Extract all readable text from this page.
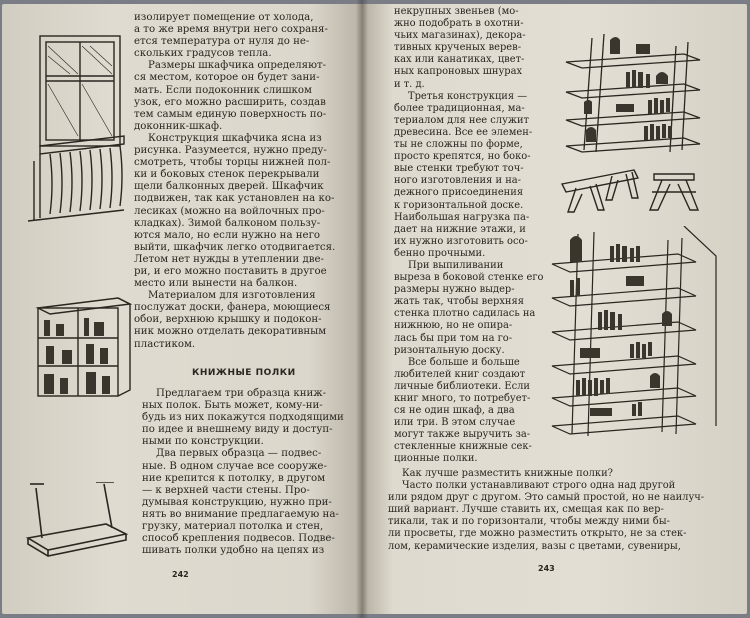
изолирует помещение от холода,
а то же время внутри него сохраня-
ется температура от нуля до не-
скольких градусов тепла.
Размеры шкафчика определяют-
ся местом, которое он будет зани-
мать. Если подоконник слишком
узок, его можно расширить, создав
тем самым единую поверхность по-
доконник-шкаф.
Конструкция шкафчика ясна из
рисунка. Разумеется, нужно преду-
смотреть, чтобы торцы нижней пол-
ки и боковых стенок перекрывали
щели балконных дверей. Шкафчик
подвижен, так как установлен на ко-
лесиках (можно на войлочных про-
кладках). Зимой балконом пользу-
ются мало, но если нужно на него
выйти, шкафчик легко отодвигается.
Летом нет нужды в утеплении две-
ри, и его можно поставить в другое
место или вынести на балкон.
Материалом для изготовления
послужат доски, фанера, моющиеся
обои, верхнюю крышку и подокон-
ник можно отделать декоративным
пластиком.
КНИЖНЫЕ ПОЛКИ
Предлагаем три образца книж-
ных полок. Быть может, кому-ни-
будь из них покажутся подходящими
по идее и внешнему виду и доступ-
ными по конструкции.
Два первых образца — подвес-
ные. В одном случае все сооруже-
ние крепится к потолку, в другом
— к верхней части стены. Про-
думывая конструкцию, нужно при-
нять во внимание предлагаемую на-
грузку, материал потолка и стен,
способ крепления подвесов. Подве-
шивать полки удобно на цепях из
242
некрупных звеньев (мо-
жно подобрать в охотни-
чьих магазинах), декора-
тивных крученых верев-
ках или канатиках, цвет-
ных капроновых шнурах
и т. д.
Третья конструкция —
более традиционная, ма-
териалом для нее служит
древесина. Все ее элемен-
ты не сложны по форме,
просто крепятся, но боко-
вые стенки требуют точ-
ного изготовления и на-
дежного присоединения
к горизонтальной доске.
Наибольшая нагрузка па-
дает на нижние этажи, и
их нужно изготовить осо-
бенно прочными.
При выпиливании
выреза в боковой стенке его
размеры нужно выдер-
жать так, чтобы верхняя
стенка плотно садилась на
нижнюю, но не опира-
лась бы при том на го-
ризонтальную доску.
Все больше и больше
любителей книг создают
личные библиотеки. Если
книг много, то потребует-
ся не один шкаф, а два
или три. В этом случае
могут также выручить за-
стекленные книжные сек-
ционные полки.
Как лучше разместить книжные полки?
Часто полки устанавливают строго одна над другой
или рядом друг с другом. Это самый простой, но не наилуч-
ший вариант. Лучше ставить их, смещая как по вер-
тикали, так и по горизонтали, чтобы между ними бы-
ли просветы, где можно разместить открыто, не за стек-
лом, керамические изделия, вазы с цветами, сувениры,
243
